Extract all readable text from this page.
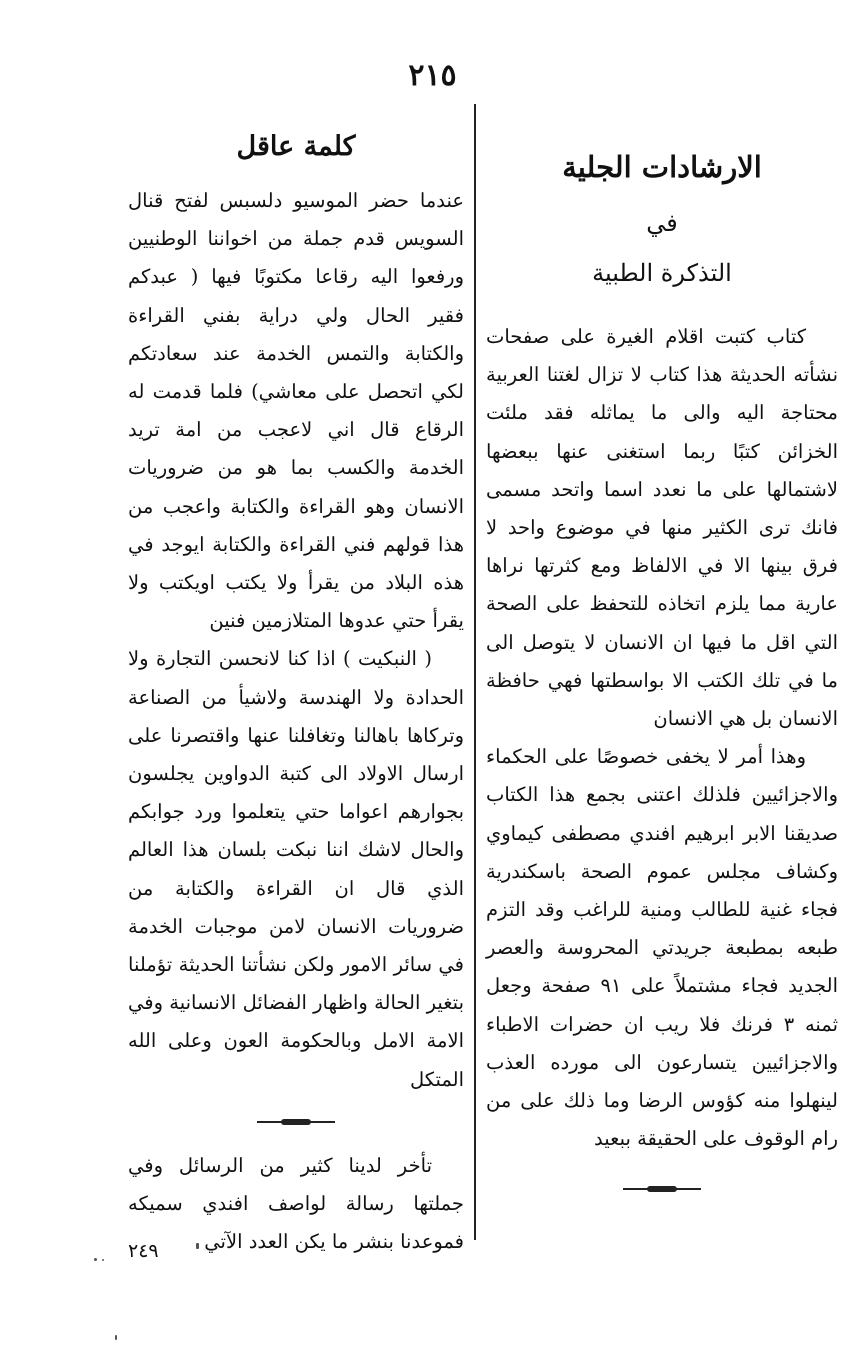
٢١٥
الارشادات الجلية
في
التذكرة الطبية

كتاب كتبت اقلام الغيرة على صفحات نشأته الحديثة هذا كتاب لا تزال لغتنا العربية محتاجة اليه والى ما يماثله فقد ملئت الخزائن كتبًا ربما استغنى عنها ببعضها لاشتمالها على ما نعدد اسما واتحد مسمى فانك ترى الكثير منها في موضوع واحد لا فرق بينها الا في الالفاظ ومع كثرتها نراها عارية مما يلزم اتخاذه للتحفظ على الصحة التي اقل ما فيها ان الانسان لا يتوصل الى ما في تلك الكتب الا بواسطتها فهي حافظة الانسان بل هي الانسان

وهذا أمر لا يخفى خصوصًا على الحكماء والاجزائيين فلذلك اعتنى بجمع هذا الكتاب صديقنا الابر ابرهيم افندي مصطفى كيماوي وكشاف مجلس عموم الصحة باسكندرية فجاء غنية للطالب ومنية للراغب وقد التزم طبعه بمطبعة جريدتي المحروسة والعصر الجديد فجاء مشتملاً على ٩١ صفحة وجعل ثمنه ٣ فرنك فلا ريب ان حضرات الاطباء والاجزائيين يتسارعون الى مورده العذب لينهلوا منه كؤوس الرضا وما ذلك على من رام الوقوف على الحقيقة ببعيد

كلمة عاقل

عندما حضر الموسيو دلسبس لفتح قنال السويس قدم جملة من اخواننا الوطنيين ورفعوا اليه رقاعا مكتوبًا فيها ( عبدكم فقير الحال ولي دراية بفني القراءة والكتابة والتمس الخدمة عند سعادتكم لكي اتحصل على معاشي) فلما قدمت له الرقاع قال اني لاعجب من امة تريد الخدمة والكسب بما هو من ضروريات الانسان وهو القراءة والكتابة واعجب من هذا قولهم فني القراءة والكتابة ايوجد في هذه البلاد من يقرأ ولا يكتب اويكتب ولا يقرأ حتي عدوها المتلازمين فنين

( النبكيت ) اذا كنا لانحسن التجارة ولا الحدادة ولا الهندسة ولاشيأ من الصناعة وتركاها باهالنا وتغافلنا عنها واقتصرنا على ارسال الاولاد الى كتبة الدواوين يجلسون بجوارهم اعواما حتي يتعلموا ورد جوابكم والحال لاشك اننا نبكت بلسان هذا العالم الذي قال ان القراءة والكتابة من ضروريات الانسان لامن موجبات الخدمة في سائر الامور ولكن نشأتنا الحديثة تؤملنا بتغير الحالة واظهار الفضائل الانسانية وفي الامة الامل وبالحكومة العون وعلى الله المتكل

تأخر لدينا كثير من الرسائل وفي جملتها رسالة لواصف افندي سميكه فموعدنا بنشر ما يكن العدد الآتي

٢٤٩
